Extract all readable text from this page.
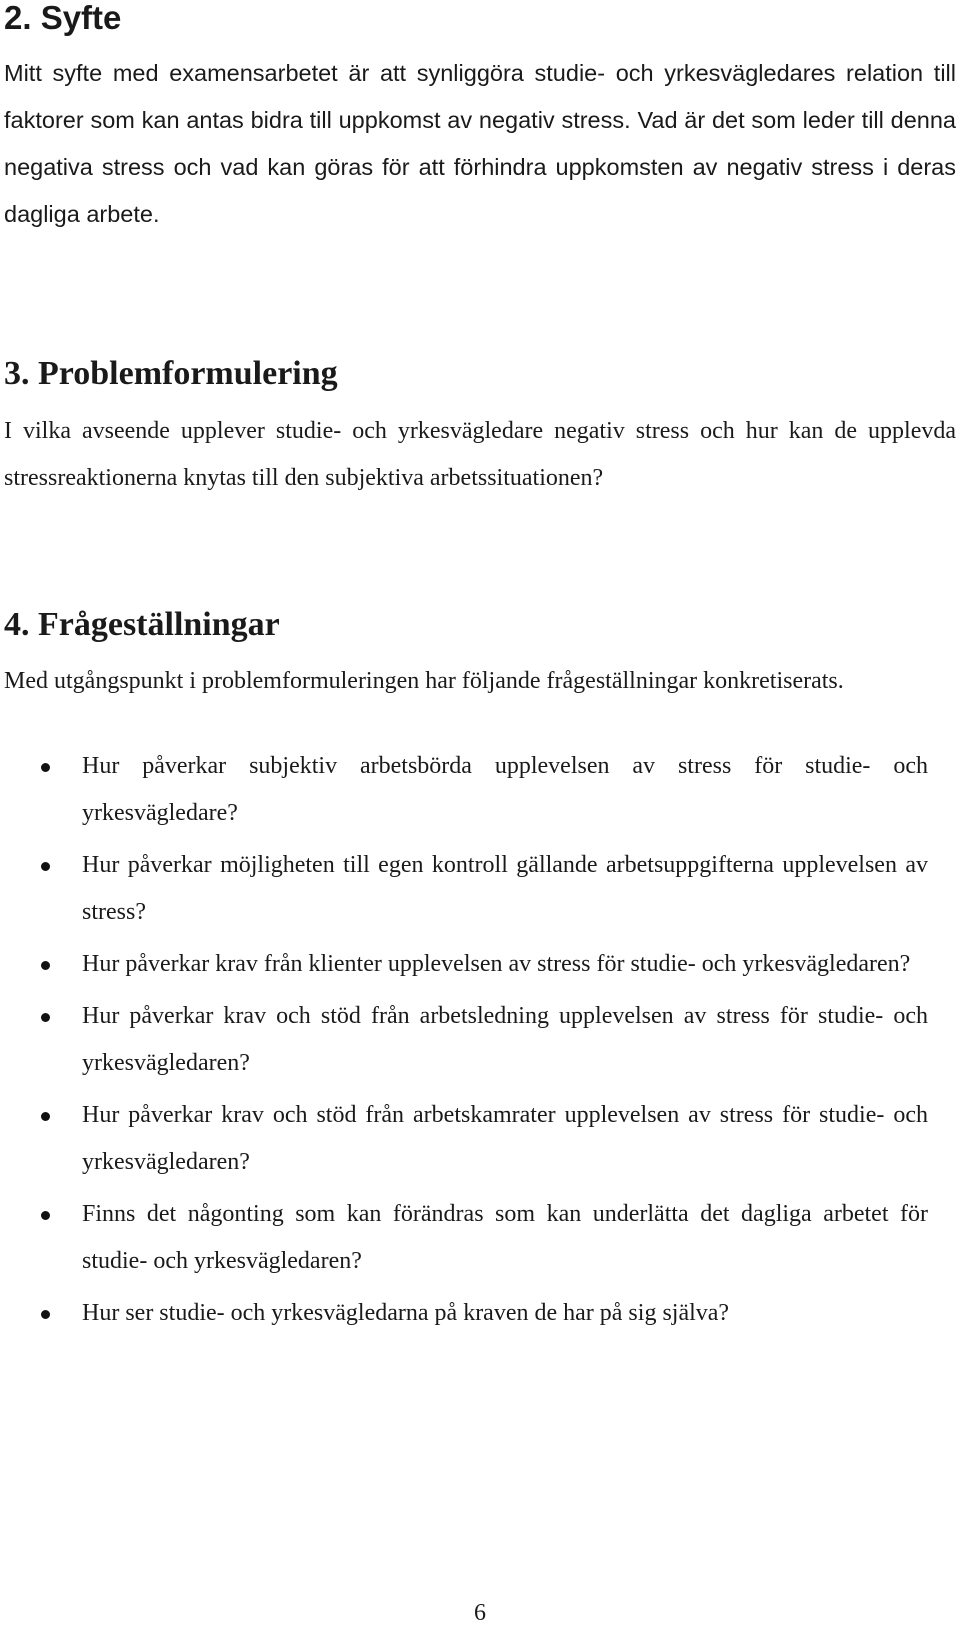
2. Syfte

Mitt syfte med examensarbetet är att synliggöra studie- och yrkesvägledares relation till faktorer som kan antas bidra till uppkomst av negativ stress. Vad är det som leder till denna negativa stress och vad kan göras för att förhindra uppkomsten av negativ stress i deras dagliga arbete.

3. Problemformulering

I vilka avseende upplever studie- och yrkesvägledare negativ stress och hur kan de upplevda stressreaktionerna knytas till den subjektiva arbetssituationen?

4. Frågeställningar

Med utgångspunkt i problemformuleringen har följande frågeställningar konkretiserats.

Hur påverkar subjektiv arbetsbörda upplevelsen av stress för studie- och yrkesvägledare?
Hur påverkar möjligheten till egen kontroll gällande arbetsuppgifterna upplevelsen av stress?
Hur påverkar krav från klienter upplevelsen av stress för studie- och yrkesvägledaren?
Hur påverkar krav och stöd från arbetsledning upplevelsen av stress för studie- och yrkesvägledaren?
Hur påverkar krav och stöd från arbetskamrater upplevelsen av stress för studie- och yrkesvägledaren?
Finns det någonting som kan förändras som kan underlätta det dagliga arbetet för studie- och yrkesvägledaren?
Hur ser studie- och yrkesvägledarna på kraven de har på sig själva?
6
